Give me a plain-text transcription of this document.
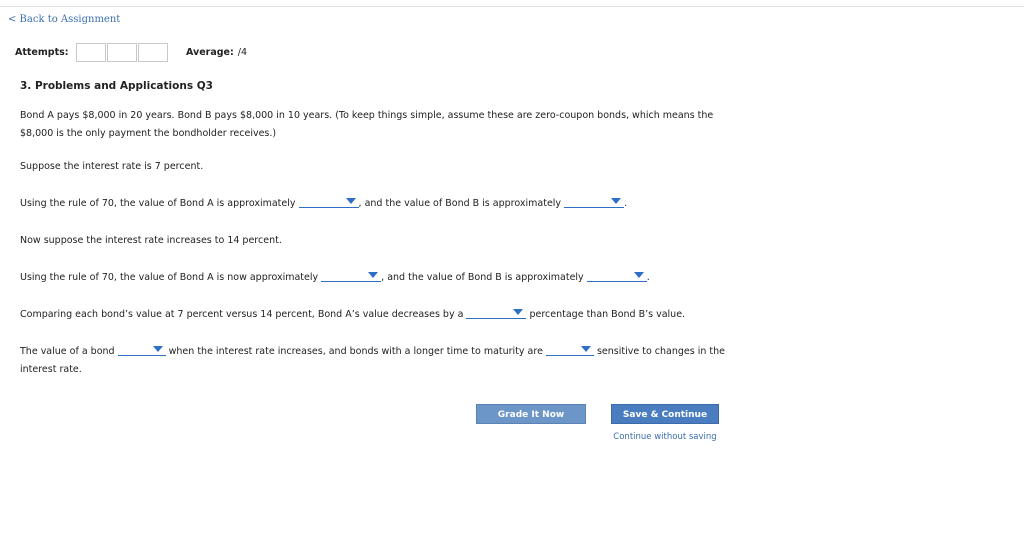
< Back to Assignment
Attempts:	Average: /4
3. Problems and Applications Q3
Bond A pays $8,000 in 20 years. Bond B pays $8,000 in 10 years. (To keep things simple, assume these are zero-coupon bonds, which means the
$8,000 is the only payment the bondholder receives.)
Suppose the interest rate is 7 percent.
Using the rule of 70, the value of Bond A is approximately	, and the value of Bond B is approximately	.
Now suppose the interest rate increases to 14 percent.
Using the rule of 70, the value of Bond A is now approximately	, and the value of Bond B is approximately	.
Comparing each bond’s value at 7 percent versus 14 percent, Bond A’s value decreases by a	percentage than Bond B’s value.
The value of a bond	when the interest rate increases, and bonds with a longer time to maturity are	sensitive to changes in the
interest rate.
Grade It Now	Save & Continue
Continue without saving
